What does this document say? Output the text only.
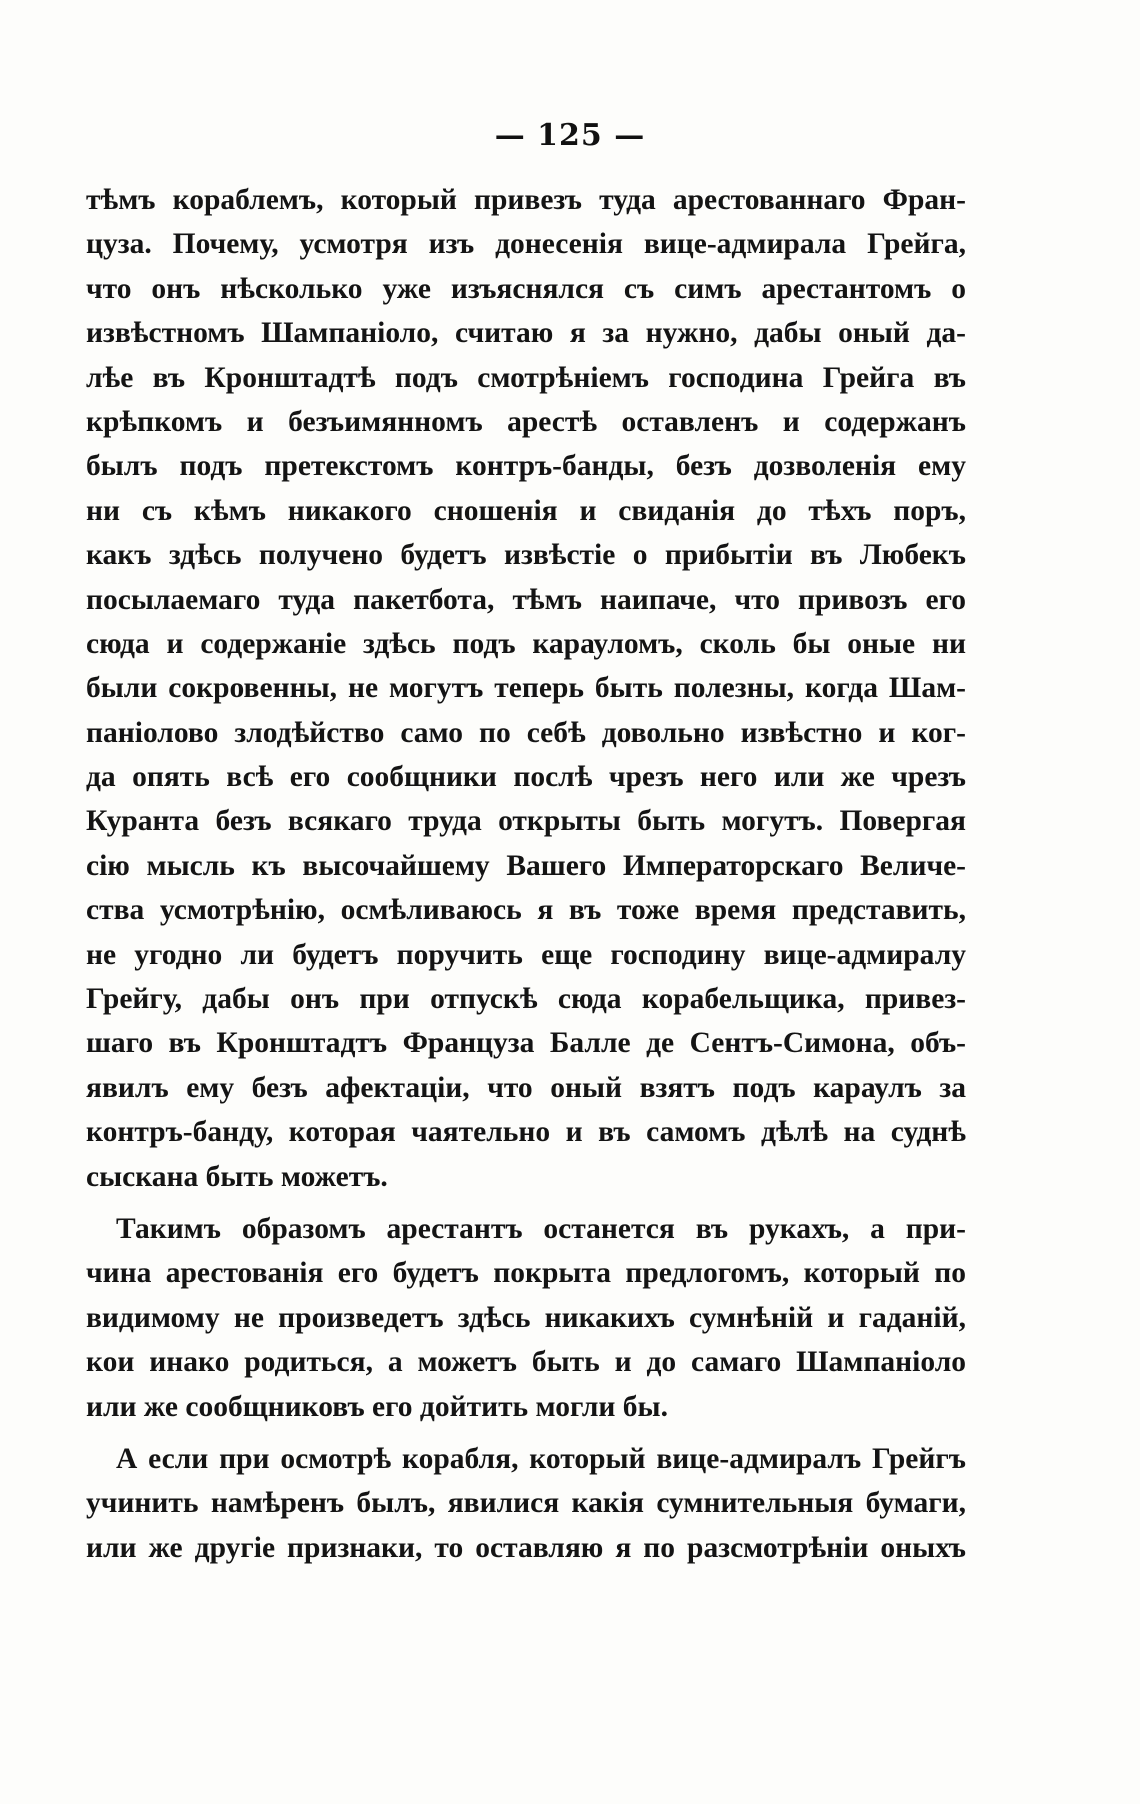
— 125 —
тѣмъ кораблемъ, который привезъ туда арестованнаго Фран-
цуза. Почему, усмотря изъ донесенія вице-адмирала Грейга,
что онъ нѣсколько уже изъяснялся съ симъ арестантомъ о
извѣстномъ Шампаніоло, считаю я за нужно, дабы оный да-
лѣе въ Кронштадтѣ подъ смотрѣніемъ господина Грейга въ
крѣпкомъ и безъимянномъ арестѣ оставленъ и содержанъ
былъ подъ претекстомъ контръ-банды, безъ дозволенія ему
ни съ кѣмъ никакого сношенія и свиданія до тѣхъ поръ,
какъ здѣсь получено будетъ извѣстіе о прибытіи въ Любекъ
посылаемаго туда пакетбота, тѣмъ наипаче, что привозъ его
сюда и содержаніе здѣсь подъ карауломъ, сколь бы оные ни
были сокровенны, не могутъ теперь быть полезны, когда Шам-
паніолово злодѣйство само по себѣ довольно извѣстно и ког-
да опять всѣ его сообщники послѣ чрезъ него или же чрезъ
Куранта безъ всякаго труда открыты быть могутъ. Повергая
сію мысль къ высочайшему Вашего Императорскаго Величе-
ства усмотрѣнію, осмѣливаюсь я въ тоже время представить,
не угодно ли будетъ поручить еще господину вице-адмиралу
Грейгу, дабы онъ при отпускѣ сюда корабельщика, привез-
шаго въ Кронштадтъ Француза Балле де Сентъ-Симона, объ-
явилъ ему безъ афектаціи, что оный взятъ подъ караулъ за
контръ-банду, которая чаятельно и въ самомъ дѣлѣ на суднѣ
сыскана быть можетъ.
Такимъ образомъ арестантъ останется въ рукахъ, а при-
чина арестованія его будетъ покрыта предлогомъ, который по
видимому не произведетъ здѣсь никакихъ сумнѣній и гаданій,
кои инако родиться, а можетъ быть и до самаго Шампаніоло
или же сообщниковъ его дойтить могли бы.
А если при осмотрѣ корабля, который вице-адмиралъ Грейгъ
учинить намѣренъ былъ, явилися какія сумнительныя бумаги,
или же другіе признаки, то оставляю я по разсмотрѣніи оныхъ
